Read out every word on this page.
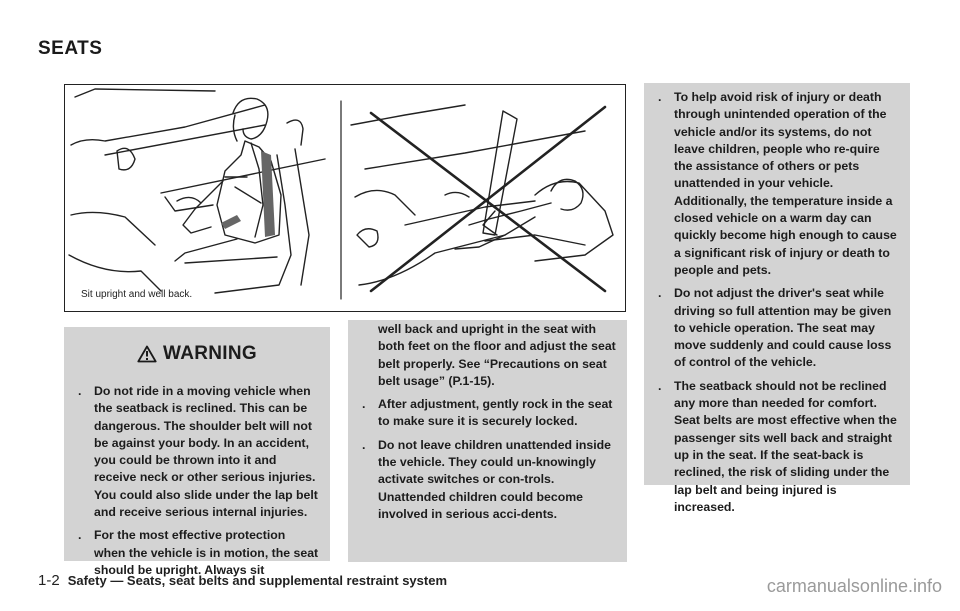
SEATS
Sit upright and well back.
WARNING
. Do not ride in a moving vehicle when the seatback is reclined. This can be dangerous. The shoulder belt will not be against your body. In an accident, you could be thrown into it and receive neck or other serious injuries. You could also slide under the lap belt and receive serious internal injuries.
. For the most effective protection when the vehicle is in motion, the seat should be upright. Always sit
well back and upright in the seat with both feet on the floor and adjust the seat belt properly. See “Precautions on seat belt usage” (P.1-15).
. After adjustment, gently rock in the seat to make sure it is securely locked.
. Do not leave children unattended inside the vehicle. They could un-knowingly activate switches or con-trols. Unattended children could become involved in serious acci-dents.
. To help avoid risk of injury or death through unintended operation of the vehicle and/or its systems, do not leave children, people who re-quire the assistance of others or pets unattended in your vehicle. Additionally, the temperature inside a closed vehicle on a warm day can quickly become high enough to cause a significant risk of injury or death to people and pets.
. Do not adjust the driver's seat while driving so full attention may be given to vehicle operation. The seat may move suddenly and could cause loss of control of the vehicle.
. The seatback should not be reclined any more than needed for comfort. Seat belts are most effective when the passenger sits well back and straight up in the seat. If the seat-back is reclined, the risk of sliding under the lap belt and being injured is increased.
1-2 Safety — Seats, seat belts and supplemental restraint system	carmanualsonline.info
